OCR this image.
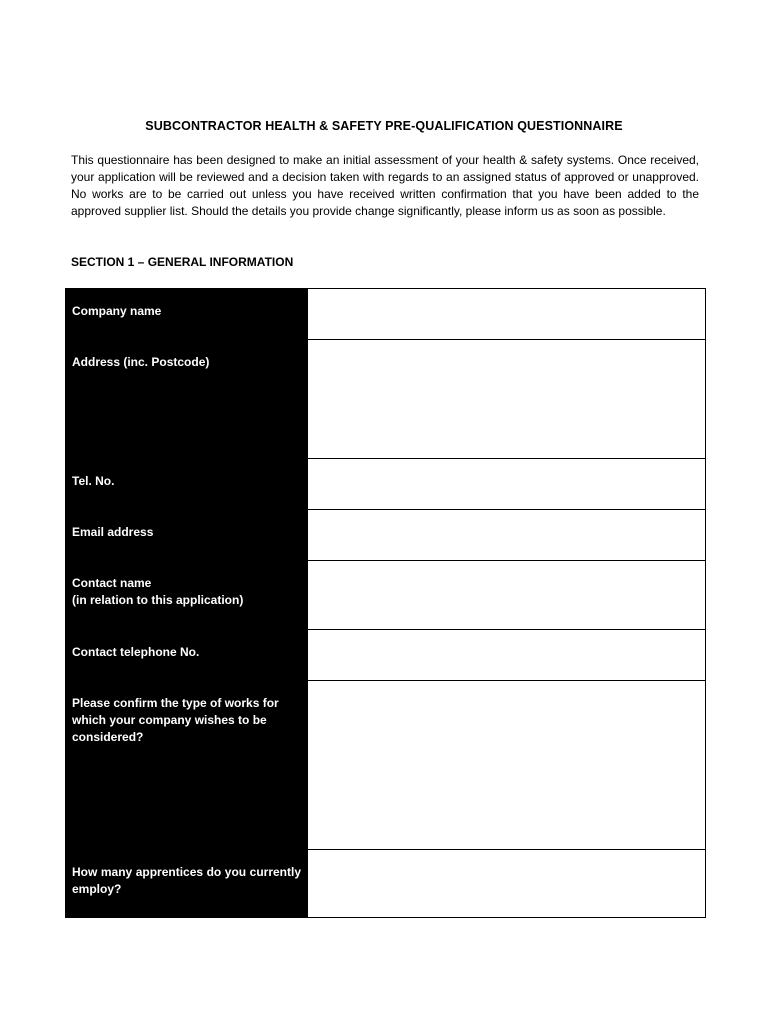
SUBCONTRACTOR HEALTH & SAFETY PRE-QUALIFICATION QUESTIONNAIRE

This questionnaire has been designed to make an initial assessment of your health & safety systems. Once received, your application will be reviewed and a decision taken with regards to an assigned status of approved or unapproved. No works are to be carried out unless you have received written confirmation that you have been added to the approved supplier list. Should the details you provide change significantly, please inform us as soon as possible.

SECTION 1 – GENERAL INFORMATION
Company name	

Address (inc. Postcode)	

Tel. No.	

Email address	

Contact name
(in relation to this application)	

Contact telephone No.	

Please confirm the type of works for which your company wishes to be considered?	

How many apprentices do you currently employ?	
